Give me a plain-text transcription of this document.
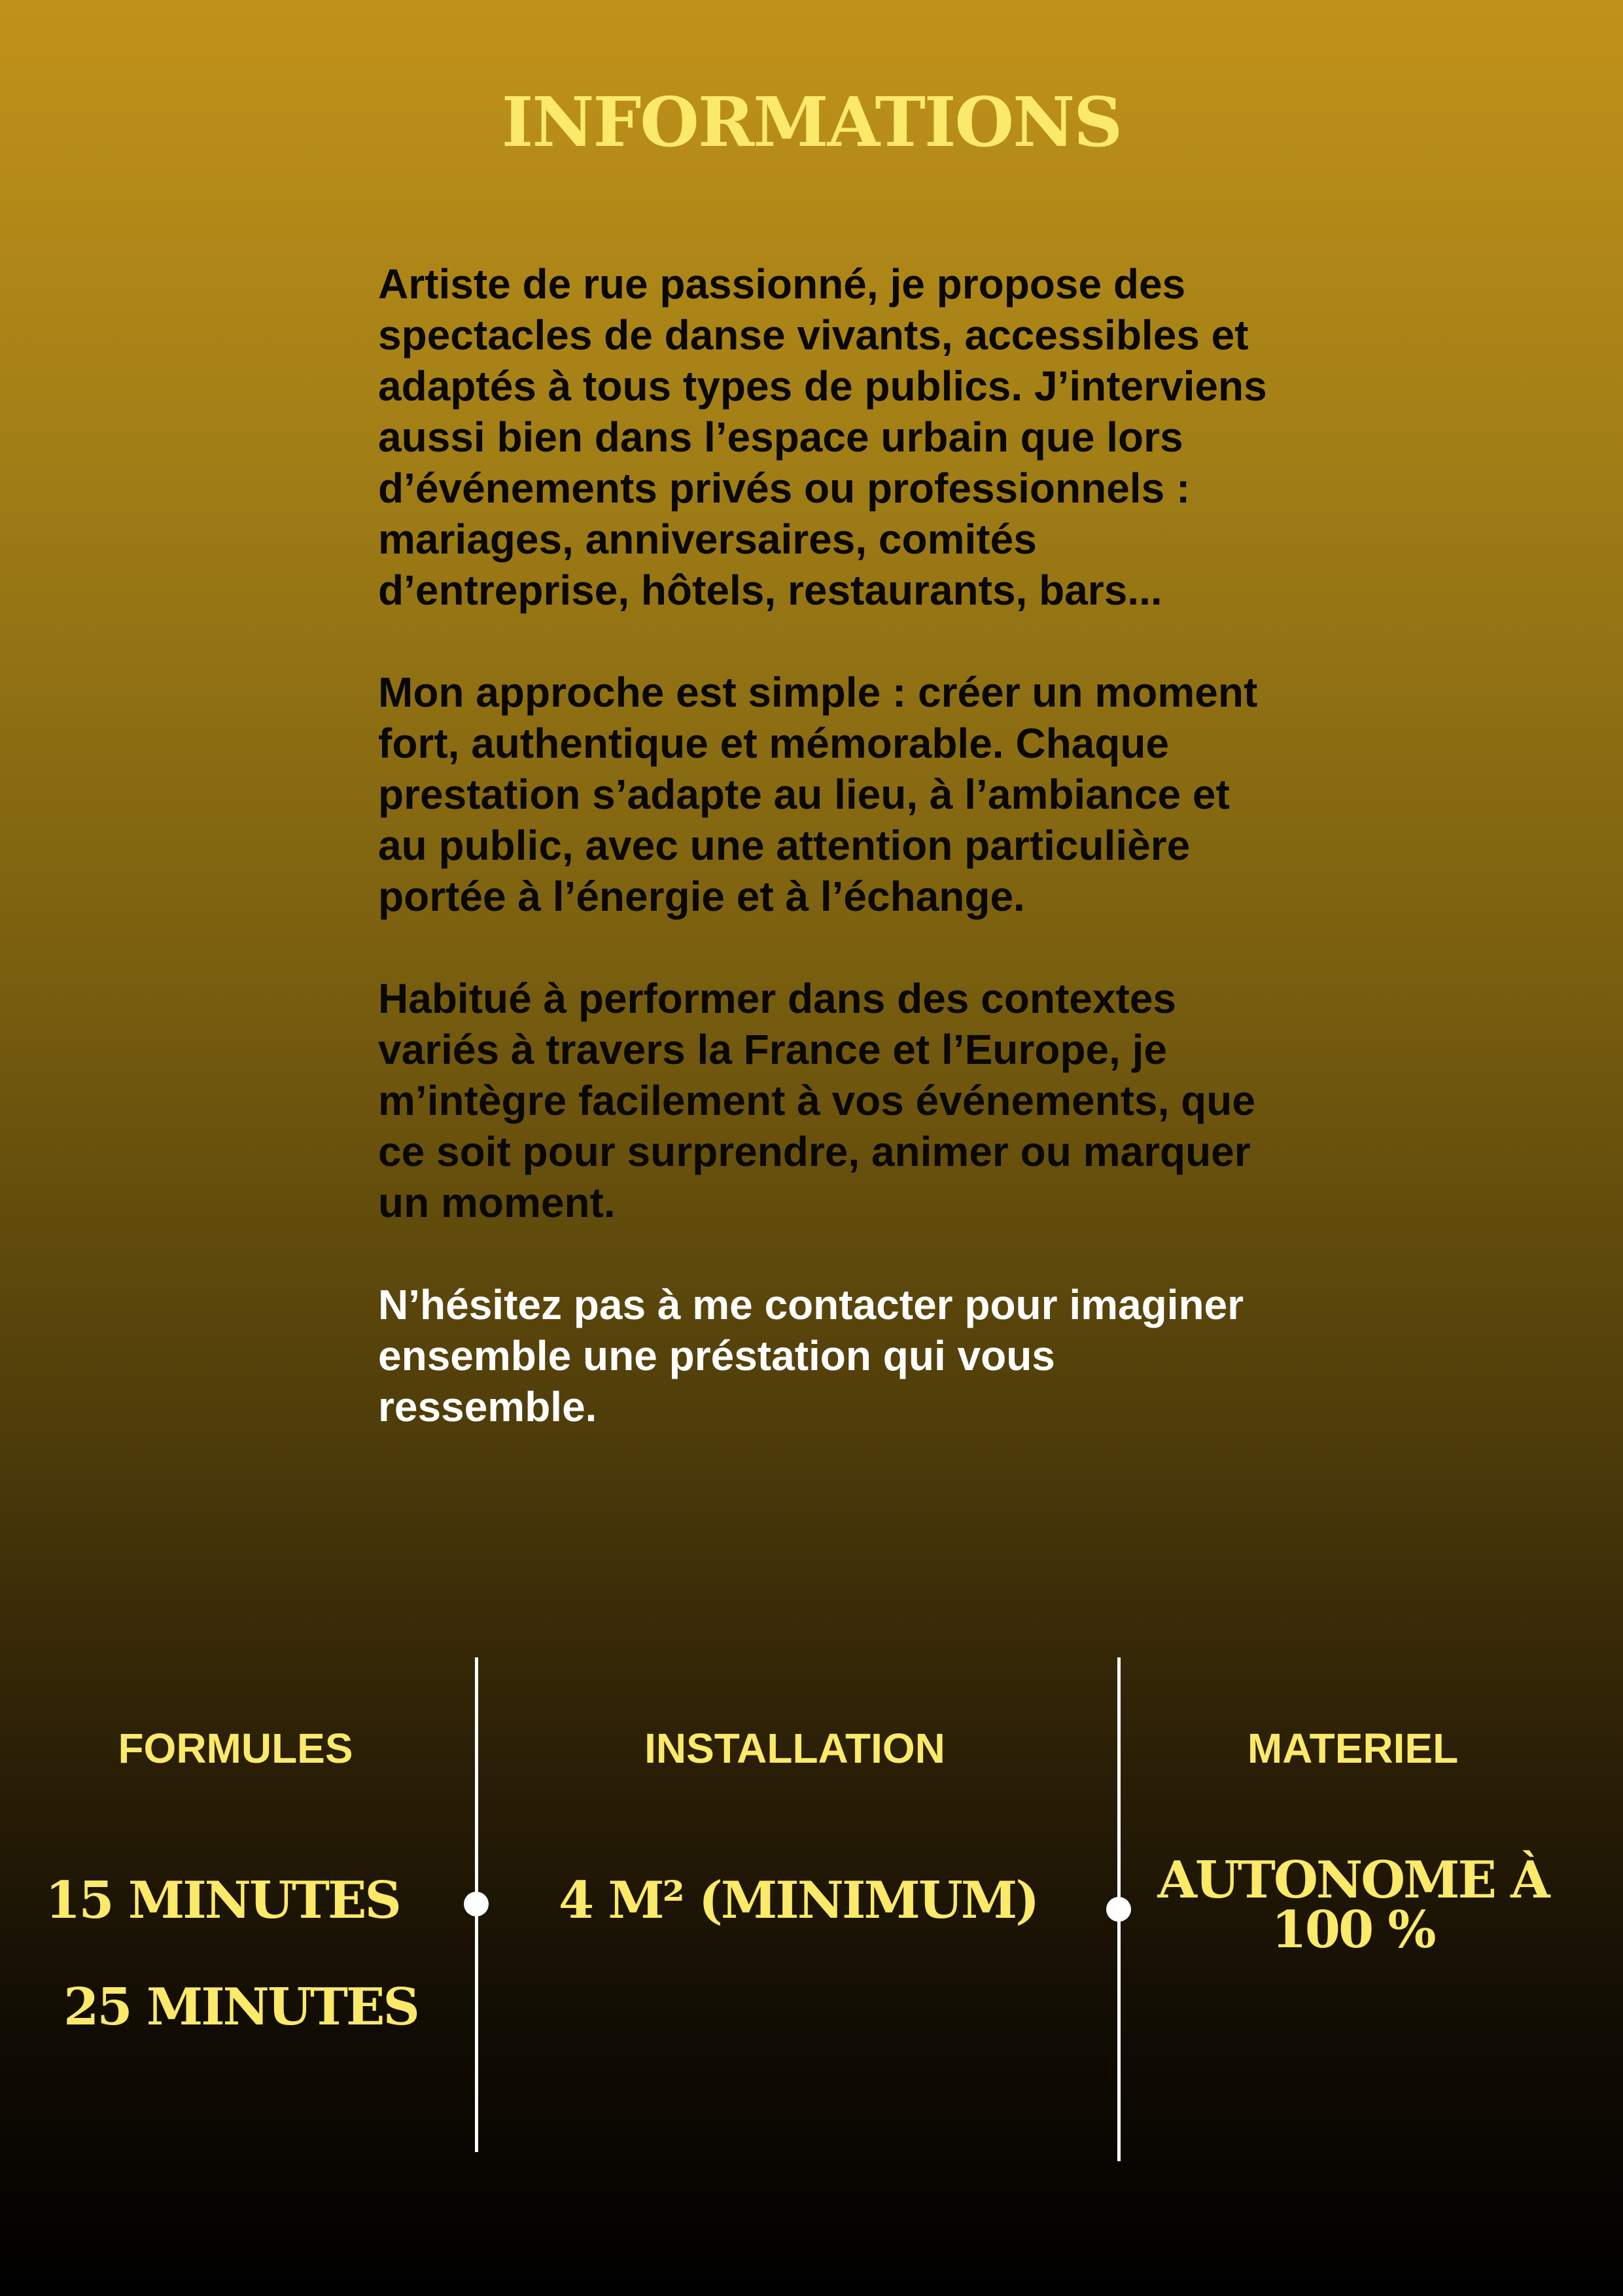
INFORMATIONS

Artiste de rue passionné, je propose des spectacles de danse vivants, accessibles et adaptés à tous types de publics. J’interviens aussi bien dans l’espace urbain que lors d’événements privés ou professionnels : mariages, anniversaires, comités d’entreprise, hôtels, restaurants, bars...

Mon approche est simple : créer un moment fort, authentique et mémorable. Chaque prestation s’adapte au lieu, à l’ambiance et au public, avec une attention particulière portée à l’énergie et à l’échange.

Habitué à performer dans des contextes variés à travers la France et l’Europe, je m’intègre facilement à vos événements, que ce soit pour surprendre, animer ou marquer un moment.

N’hésitez pas à me contacter pour imaginer ensemble une préstation qui vous ressemble.

FORMULES
15 MINUTES
25 MINUTES
INSTALLATION
4 M² (MINIMUM)
MATERIEL
AUTONOME À
100 %
